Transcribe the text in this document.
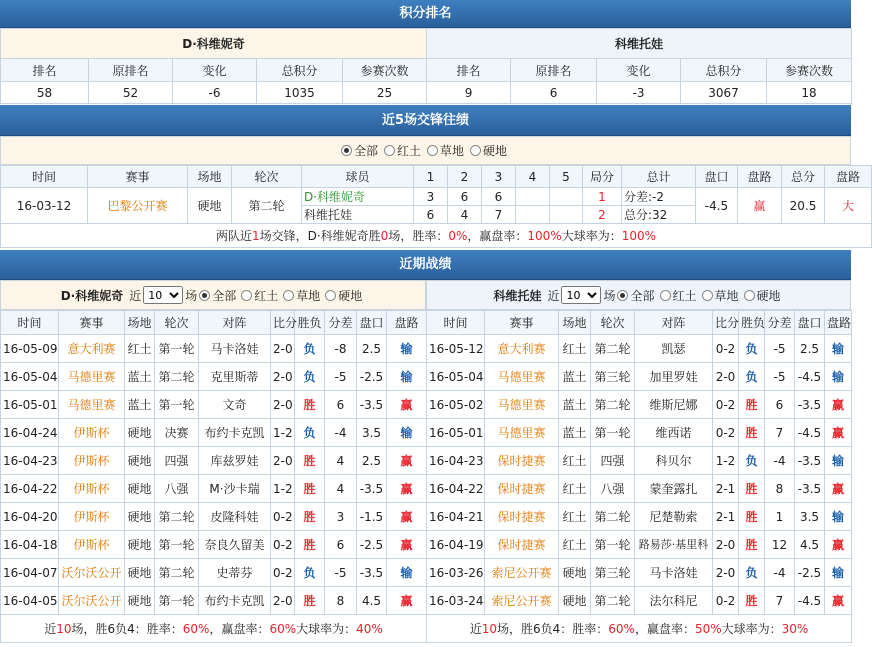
积分排名
D·科维妮奇					科维托娃				
排名	原排名	变化	总积分	参赛次数	排名	原排名	变化	总积分	参赛次数
58	52	-6	1035	25	9	6	-3	3067	18
近5场交锋往绩
全部 红土 草地 硬地
时间	赛事	场地	轮次	球员	1	2	3	4	5	局分	总计	盘口	盘路	总分	盘路
16-03-12	巴黎公开赛	硬地	第二轮	D·科维妮奇	3	6	6			1	分差:-2	-4.5	赢	20.5	大
				科维托娃	6	4	7			2	总分:32				
两队近1场交锋，D·科维妮奇胜0场，胜率：0%，赢盘率：100%大球率为：100%															
近期战绩
D·科维妮奇 近
10	场 全部 红土 草地 硬地
时间	赛事	场地	轮次	对阵	比分	胜负	分差	盘口	盘路
16-05-09	意大利赛	红土	第一轮	马卡洛娃	2-0	负	-8	2.5	输
16-05-04	马德里赛	蓝土	第二轮	克里斯蒂	2-0	负	-5	-2.5	输
16-05-01	马德里赛	蓝土	第一轮	文奇	2-0	胜	6	-3.5	赢
16-04-24	伊斯杯	硬地	决赛	布约卡克凯	1-2	负	-4	3.5	输
16-04-23	伊斯杯	硬地	四强	库兹罗娃	2-0	胜	4	2.5	赢
16-04-22	伊斯杯	硬地	八强	M·沙卡瑞	1-2	胜	4	-3.5	赢
16-04-20	伊斯杯	硬地	第二轮	皮隆科娃	0-2	胜	3	-1.5	赢
16-04-18	伊斯杯	硬地	第一轮	奈良久留美	0-2	胜	6	-2.5	赢
16-04-07	沃尔沃公开	硬地	第二轮	史蒂芬	0-2	负	-5	-3.5	输
16-04-05	沃尔沃公开	硬地	第一轮	布约卡克凯	2-0	胜	8	4.5	赢
近10场，胜6负4：胜率：60%，赢盘率：60%大球率为：40%									
科维托娃 近
10	场 全部 红土 草地 硬地
时间	赛事	场地	轮次	对阵	比分	胜负	分差	盘口	盘路
16-05-12	意大利赛	红土	第二轮	凯瑟	0-2	负	-5	2.5	输
16-05-04	马德里赛	蓝土	第三轮	加里罗娃	2-0	负	-5	-4.5	输
16-05-02	马德里赛	蓝土	第二轮	维斯尼娜	0-2	胜	6	-3.5	赢
16-05-01	马德里赛	蓝土	第一轮	维西诺	0-2	胜	7	-4.5	赢
16-04-23	保时捷赛	红土	四强	科贝尔	1-2	负	-4	-3.5	输
16-04-22	保时捷赛	红土	八强	蒙奎露扎	2-1	胜	8	-3.5	赢
16-04-21	保时捷赛	红土	第二轮	尼楚勒索	2-1	胜	1	3.5	输
16-04-19	保时捷赛	红土	第一轮	路易莎·基里科	2-0	胜	12	4.5	赢
16-03-26	索尼公开赛	硬地	第三轮	马卡洛娃	2-0	负	-4	-2.5	输
16-03-24	索尼公开赛	硬地	第二轮	法尔科尼	0-2	胜	7	-4.5	赢
近10场，胜6负4：胜率：60%，赢盘率：50%大球率为：30%									
